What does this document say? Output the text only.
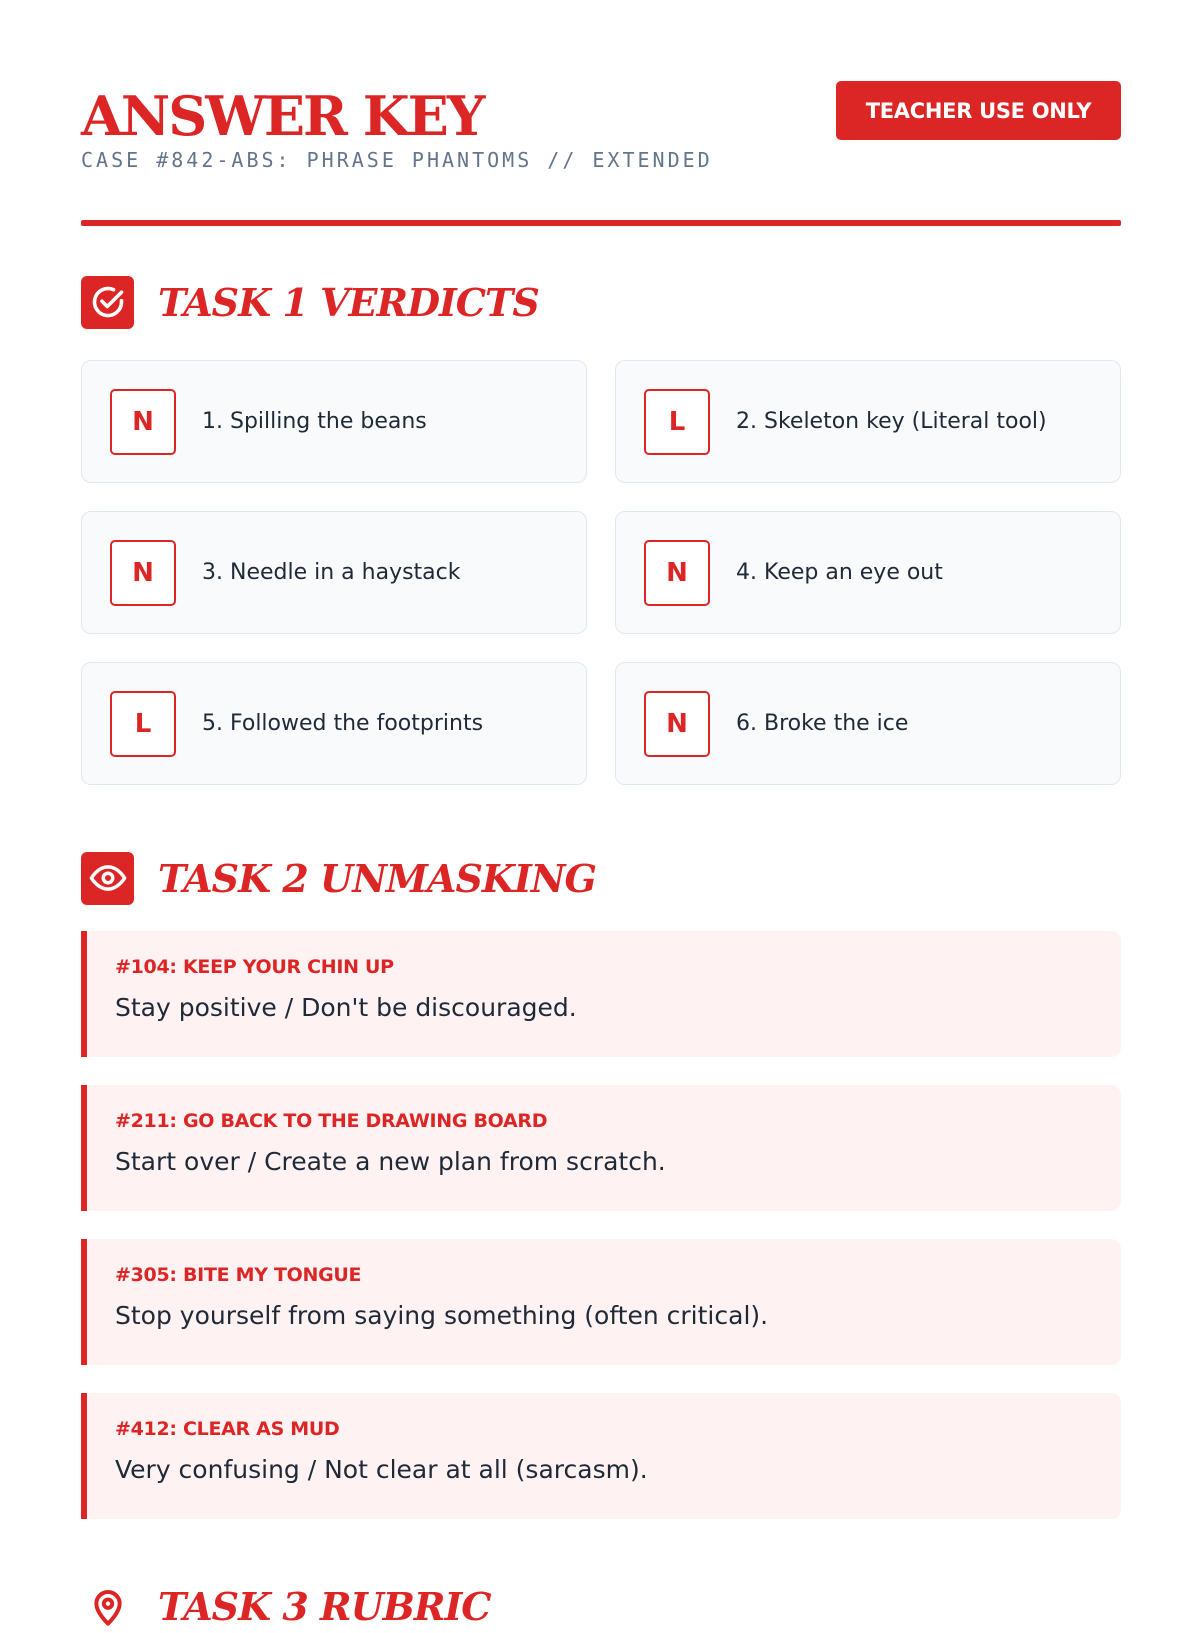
ANSWER KEY
CASE #842-ABS: PHRASE PHANTOMS // EXTENDED
TEACHER USE ONLY
TASK 1 VERDICTS
N	1. Spilling the beans	L	2. Skeleton key (Literal tool)
N	3. Needle in a haystack	N	4. Keep an eye out
L	5. Followed the footprints	N	6. Broke the ice
TASK 2 UNMASKING
#104: KEEP YOUR CHIN UP
Stay positive / Don't be discouraged.
#211: GO BACK TO THE DRAWING BOARD
Start over / Create a new plan from scratch.
#305: BITE MY TONGUE
Stop yourself from saying something (often critical).
#412: CLEAR AS MUD
Very confusing / Not clear at all (sarcasm).
TASK 3 RUBRIC
